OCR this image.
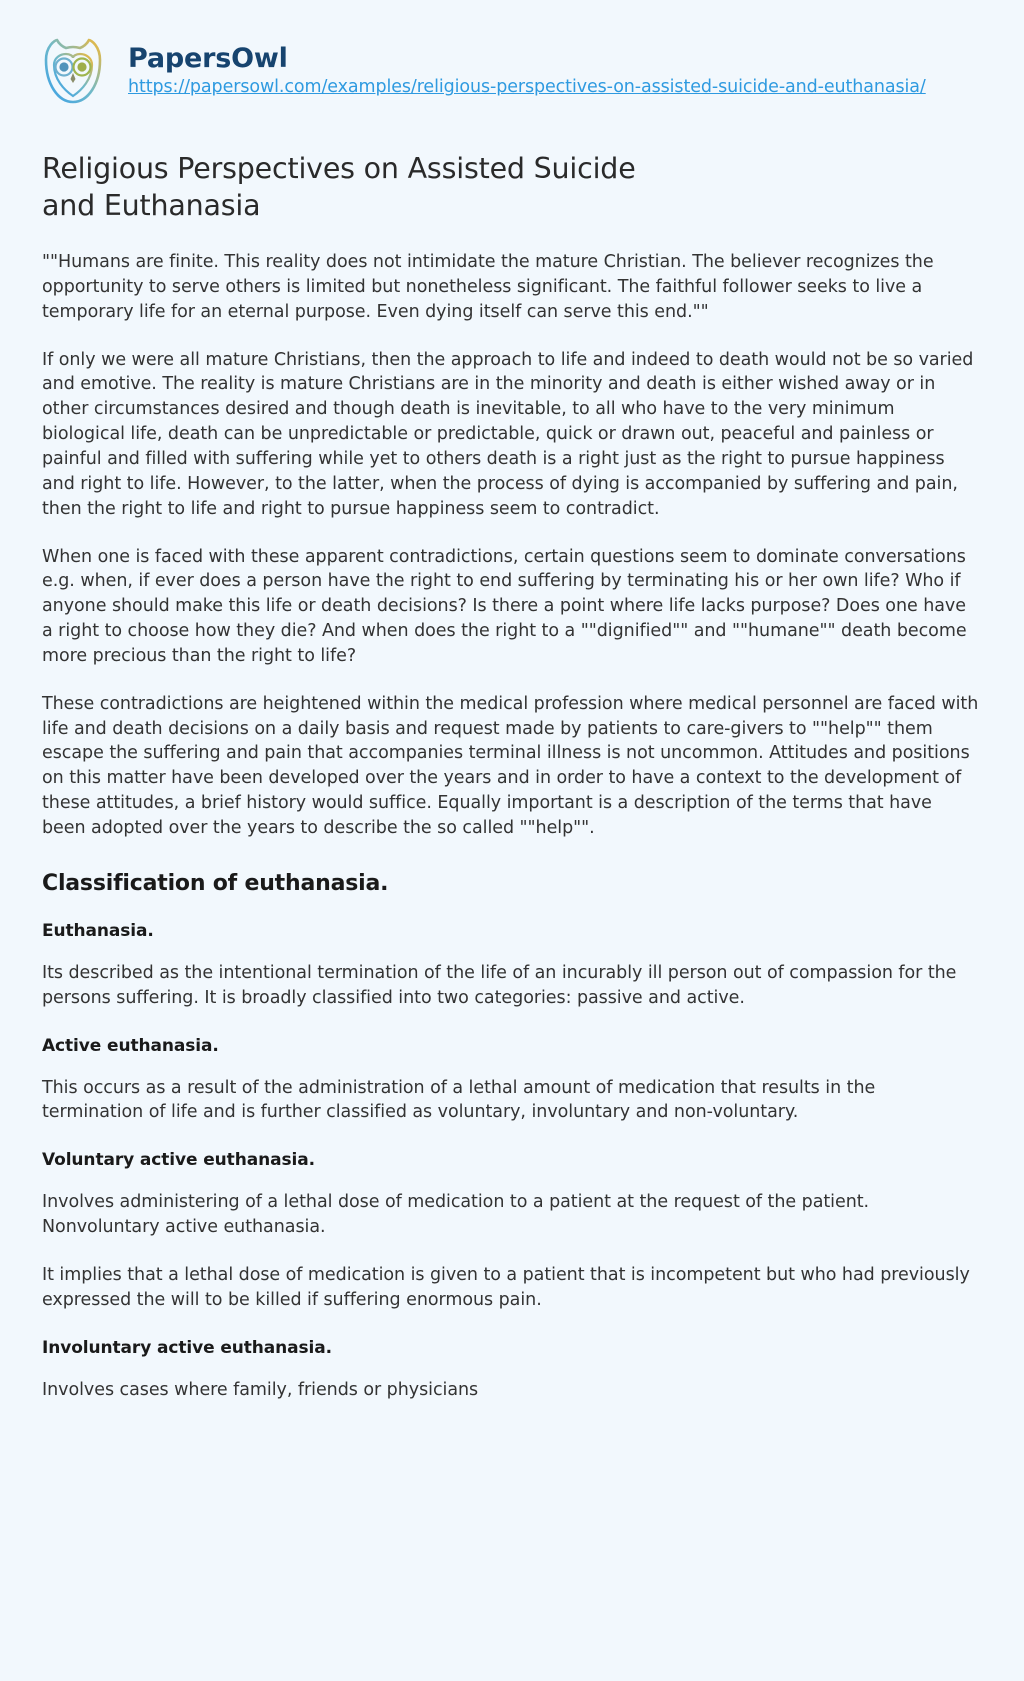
PapersOwl
https://papersowl.com/examples/religious-perspectives-on-assisted-suicide-and-euthanasia/
Religious Perspectives on Assisted Suicide and Euthanasia

""Humans are finite. This reality does not intimidate the mature Christian. The believer recognizes the opportunity to serve others is limited but nonetheless significant. The faithful follower seeks to live a temporary life for an eternal purpose. Even dying itself can serve this end.""

If only we were all mature Christians, then the approach to life and indeed to death would not be so varied and emotive. The reality is mature Christians are in the minority and death is either wished away or in other circumstances desired and though death is inevitable, to all who have to the very minimum biological life, death can be unpredictable or predictable, quick or drawn out, peaceful and painless or painful and filled with suffering while yet to others death is a right just as the right to pursue happiness and right to life. However, to the latter, when the process of dying is accompanied by suffering and pain, then the right to life and right to pursue happiness seem to contradict.

When one is faced with these apparent contradictions, certain questions seem to dominate conversations e.g. when, if ever does a person have the right to end suffering by terminating his or her own life? Who if anyone should make this life or death decisions? Is there a point where life lacks purpose? Does one have a right to choose how they die? And when does the right to a ""dignified"" and ""humane"" death become more precious than the right to life?

These contradictions are heightened within the medical profession where medical personnel are faced with life and death decisions on a daily basis and request made by patients to care-givers to ""help"" them escape the suffering and pain that accompanies terminal illness is not uncommon. Attitudes and positions on this matter have been developed over the years and in order to have a context to the development of these attitudes, a brief history would suffice. Equally important is a description of the terms that have been adopted over the years to describe the so called ""help"".

Classification of euthanasia.
Euthanasia.

Its described as the intentional termination of the life of an incurably ill person out of compassion for the persons suffering. It is broadly classified into two categories: passive and active.

Active euthanasia.

This occurs as a result of the administration of a lethal amount of medication that results in the termination of life and is further classified as voluntary, involuntary and non-voluntary.

Voluntary active euthanasia.

Involves administering of a lethal dose of medication to a patient at the request of the patient. Nonvoluntary active euthanasia.

It implies that a lethal dose of medication is given to a patient that is incompetent but who had previously expressed the will to be killed if suffering enormous pain.

Involuntary active euthanasia.

Involves cases where family, friends or physicians
